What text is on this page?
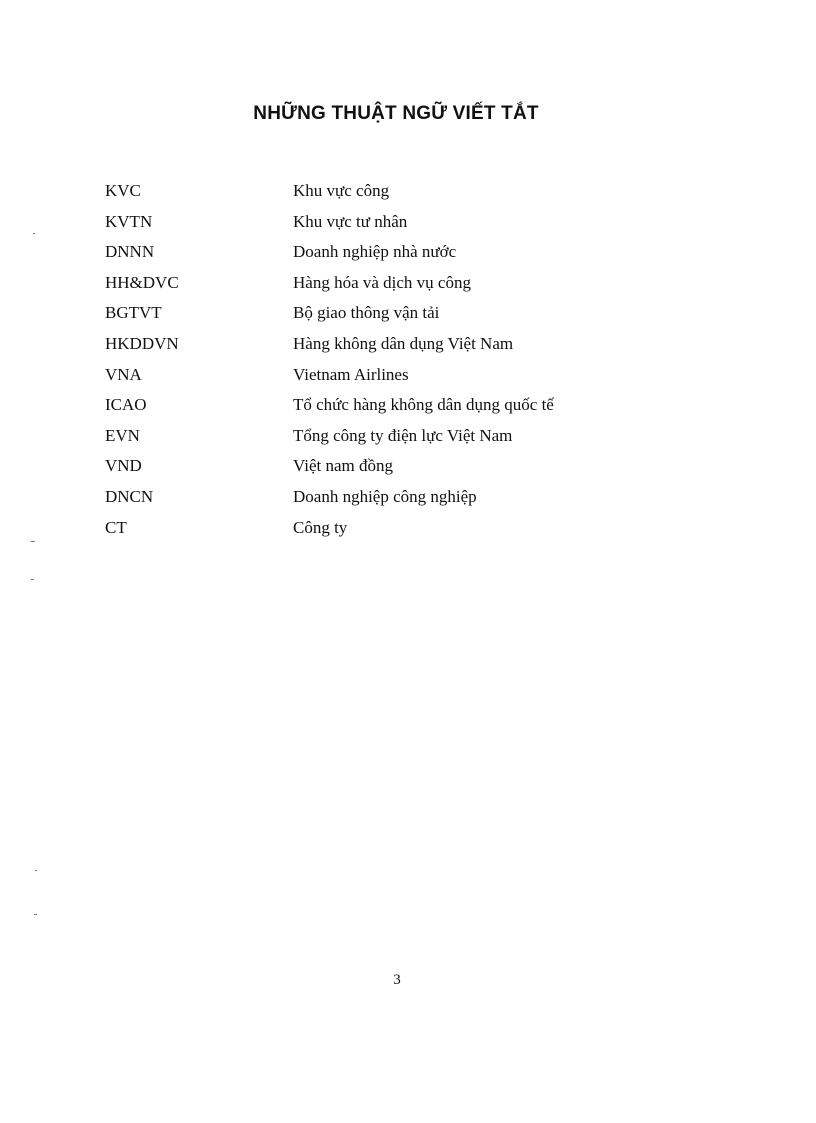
NHỮNG THUẬT NGỮ VIẾT TẮT
KVC	Khu vực công
KVTN	Khu vực tư nhân
DNNN	Doanh nghiệp nhà nước
HH&DVC	Hàng hóa và dịch vụ công
BGTVT	Bộ giao thông vận tải
HKDDVN	Hàng không dân dụng Việt Nam
VNA	Vietnam Airlines
ICAO	Tổ chức hàng không dân dụng quốc tế
EVN	Tổng công ty điện lực Việt Nam
VND	Việt nam đồng
DNCN	Doanh nghiệp công nghiệp
CT	Công ty
3
